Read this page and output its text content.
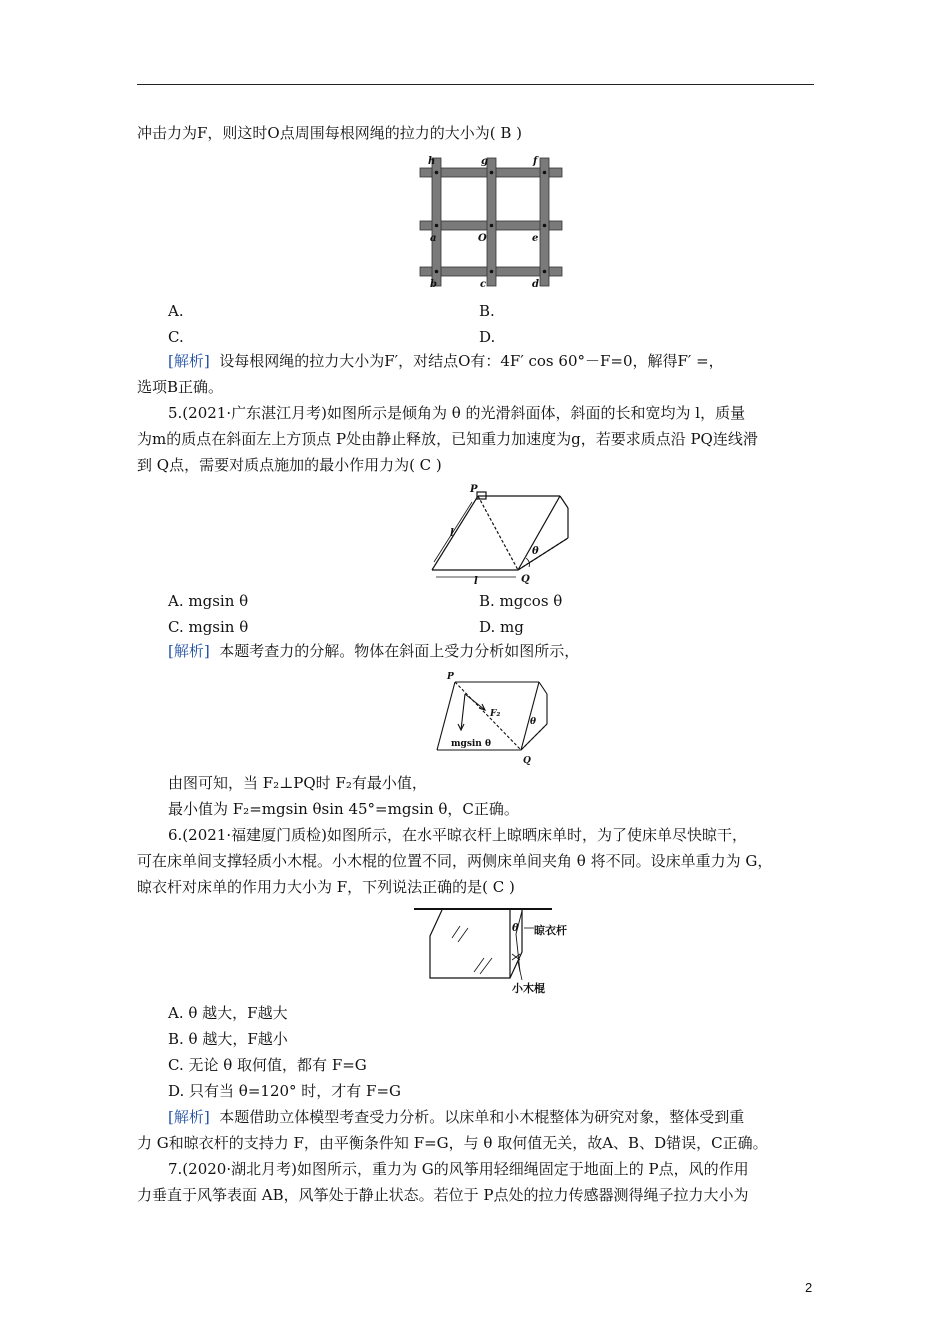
冲击力为F，则这时O点周围每根网绳的拉力的大小为( B )
h	g	f
a	O	e
b	c	d
A.	B.
C.	D.
[解析] 设每根网绳的拉力大小为F′，对结点O有：4F′ cos 60°－F=0，解得F′ =，
选项B正确。
5.(2021·广东湛江月考)如图所示是倾角为 θ 的光滑斜面体，斜面的长和宽均为 l，质量
为m的质点在斜面左上方顶点 P处由静止释放，已知重力加速度为g，若要求质点沿 PQ连线滑
到 Q点，需要对质点施加的最小作用力为( C )
P
Q
l
l
θ
A. mgsin θ	B. mgcos θ
C. mgsin θ	D. mg
[解析] 本题考查力的分解。物体在斜面上受力分析如图所示，
P
Q
F₂
mgsin θ
θ
由图可知，当 F₂⊥PQ时 F₂有最小值，
最小值为 F₂=mgsin θsin 45°=mgsin θ，C正确。
6.(2021·福建厦门质检)如图所示，在水平晾衣杆上晾晒床单时，为了使床单尽快晾干，
可在床单间支撑轻质小木棍。小木棍的位置不同，两侧床单间夹角 θ 将不同。设床单重力为 G，
晾衣杆对床单的作用力大小为 F，下列说法正确的是( C )
θ 晾衣杆
小木棍
A. θ 越大，F越大
B. θ 越大，F越小
C. 无论 θ 取何值，都有 F=G
D. 只有当 θ=120° 时，才有 F=G
[解析] 本题借助立体模型考查受力分析。以床单和小木棍整体为研究对象，整体受到重
力 G和晾衣杆的支持力 F，由平衡条件知 F=G，与 θ 取何值无关，故A、B、D错误，C正确。
7.(2020·湖北月考)如图所示，重力为 G的风筝用轻细绳固定于地面上的 P点，风的作用
力垂直于风筝表面 AB，风筝处于静止状态。若位于 P点处的拉力传感器测得绳子拉力大小为
2
